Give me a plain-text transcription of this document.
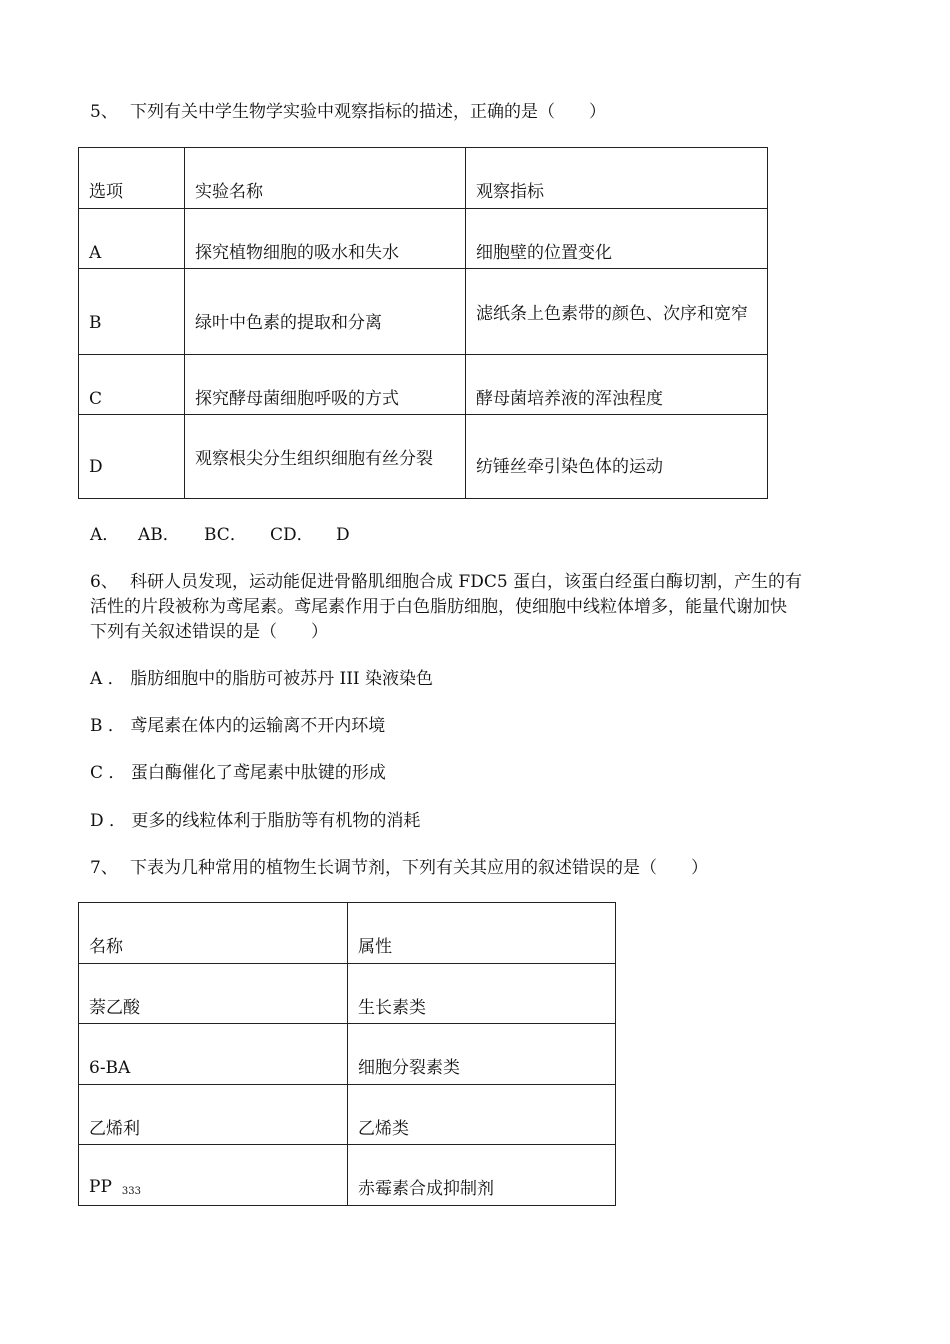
5、 下列有关中学生物学实验中观察指标的描述，正确的是（　　）
选项	实验名称	观察指标
A	探究植物细胞的吸水和失水	细胞壁的位置变化
B	绿叶中色素的提取和分离	滤纸条上色素带的颜色、次序和宽窄
C	探究酵母菌细胞呼吸的方式	酵母菌培养液的浑浊程度
D	观察根尖分生组织细胞有丝分裂	纺锤丝牵引染色体的运动
A． AB． BC． CD． D
6、 科研人员发现，运动能促进骨骼肌细胞合成 FDC5 蛋白，该蛋白经蛋白酶切割，产生的有
活性的片段被称为鸢尾素。鸢尾素作用于白色脂肪细胞，使细胞中线粒体增多，能量代谢加快
下列有关叙述错误的是（　　）
A ． 脂肪细胞中的脂肪可被苏丹 III 染液染色
B ． 鸢尾素在体内的运输离不开内环境
C ． 蛋白酶催化了鸢尾素中肽键的形成
D ． 更多的线粒体利于脂肪等有机物的消耗
7、 下表为几种常用的植物生长调节剂，下列有关其应用的叙述错误的是（　　）
名称	属性
萘乙酸	生长素类
6-BA	细胞分裂素类
乙烯利	乙烯类
PP $_{333}$	赤霉素合成抑制剂
